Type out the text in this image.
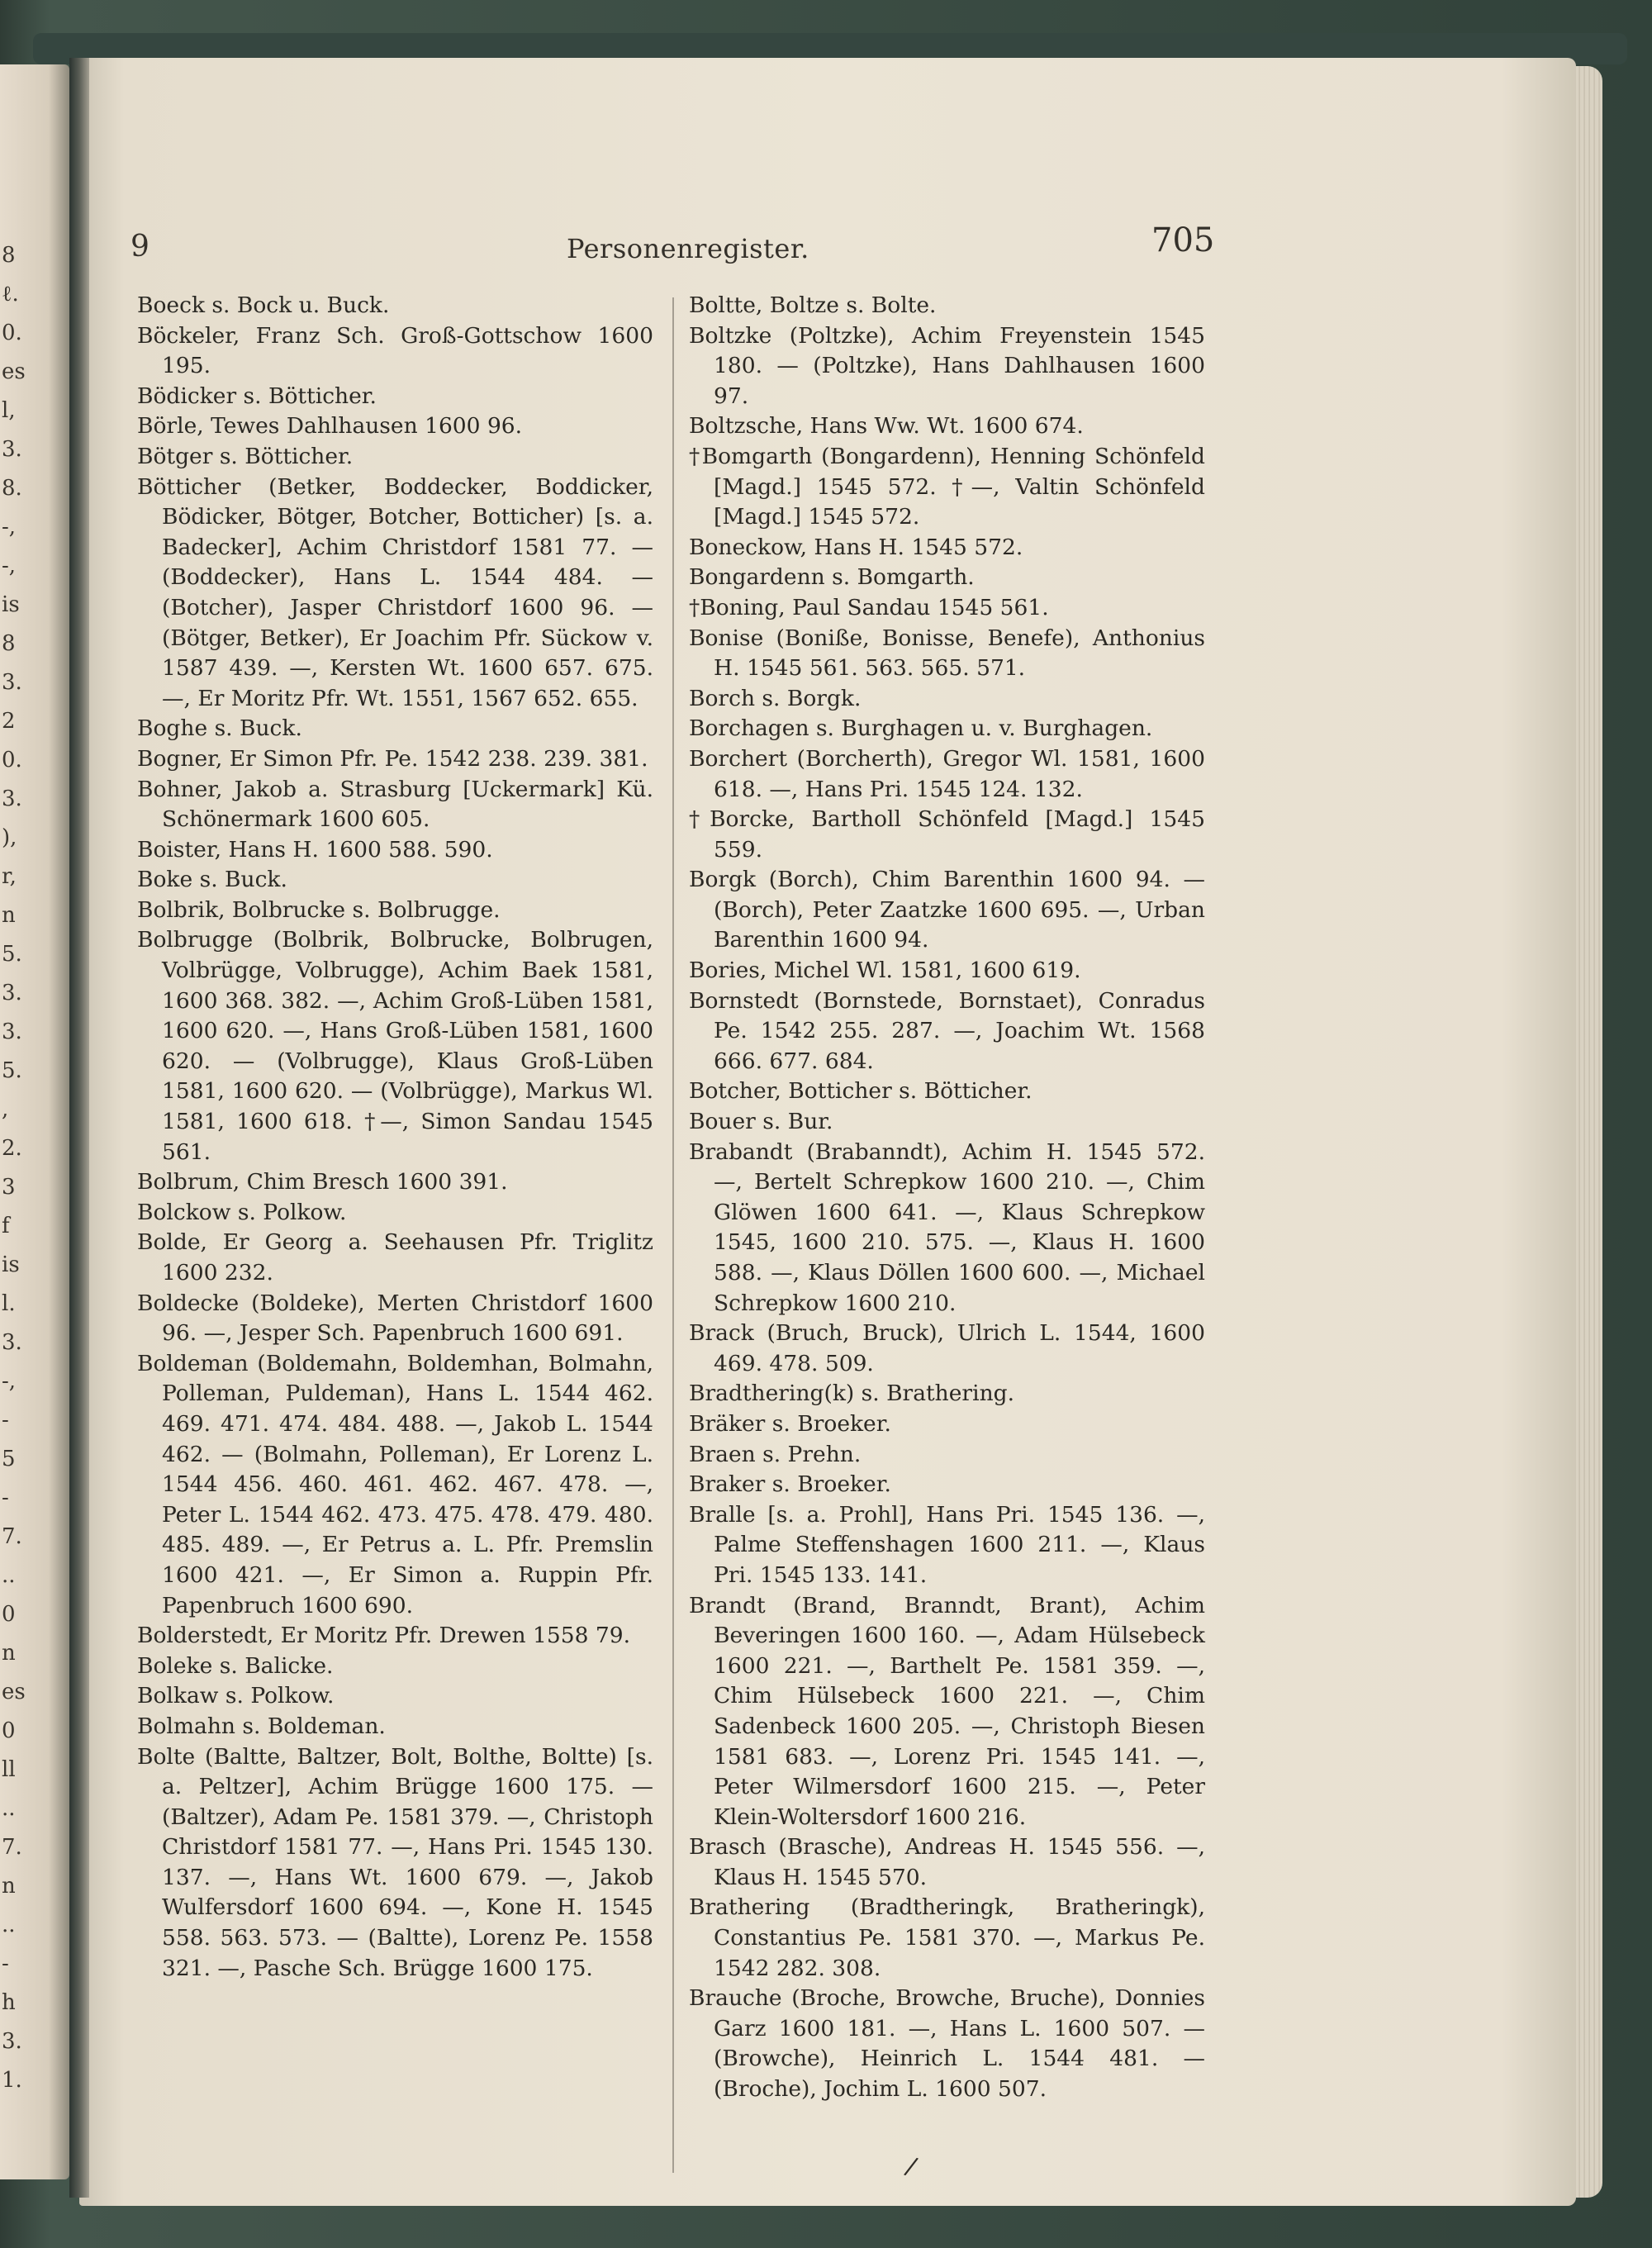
8
ℓ.
0.
es
l,
3.
8.
-,
-,
is
8
3.
2
0.
3.
),
r,
n
5.
3.
3.
5.
,
2.
3
f
is
l.
3.
-,
-
5
-
7.
..
0
n
es
0
ll
..
7.
n
..
-
h
3.
1.
9	Personenregister.	705

Boeck s. Bock u. Buck.

Böckeler, Franz Sch. Groß-Gottschow 1600 195.

Bödicker s. Bötticher.

Börle, Tewes Dahlhausen 1600 96.

Bötger s. Bötticher.

Bötticher (Betker, Boddecker, Boddicker, Bödicker, Bötger, Botcher, Botticher) [s. a. Badecker], Achim Christdorf 1581 77. — (Boddecker), Hans L. 1544 484. — (Botcher), Jasper Christdorf 1600 96. — (Bötger, Betker), Er Joachim Pfr. Sückow v. 1587 439. —, Kersten Wt. 1600 657. 675. —, Er Moritz Pfr. Wt. 1551, 1567 652. 655.

Boghe s. Buck.

Bogner, Er Simon Pfr. Pe. 1542 238. 239. 381.

Bohner, Jakob a. Strasburg [Uckermark] Kü. Schönermark 1600 605.

Boister, Hans H. 1600 588. 590.

Boke s. Buck.

Bolbrik, Bolbrucke s. Bolbrugge.

Bolbrugge (Bolbrik, Bolbrucke, Bolbrugen, Volbrügge, Volbrugge), Achim Baek 1581, 1600 368. 382. —, Achim Groß-Lüben 1581, 1600 620. —, Hans Groß-Lüben 1581, 1600 620. — (Volbrugge), Klaus Groß-Lüben 1581, 1600 620. — (Volbrügge), Markus Wl. 1581, 1600 618. †—, Simon Sandau 1545 561.

Bolbrum, Chim Bresch 1600 391.

Bolckow s. Polkow.

Bolde, Er Georg a. Seehausen Pfr. Triglitz 1600 232.

Boldecke (Boldeke), Merten Christdorf 1600 96. —, Jesper Sch. Papenbruch 1600 691.

Boldeman (Boldemahn, Boldemhan, Bolmahn, Polleman, Puldeman), Hans L. 1544 462. 469. 471. 474. 484. 488. —, Jakob L. 1544 462. — (Bolmahn, Polleman), Er Lorenz L. 1544 456. 460. 461. 462. 467. 478. —, Peter L. 1544 462. 473. 475. 478. 479. 480. 485. 489. —, Er Petrus a. L. Pfr. Premslin 1600 421. —, Er Simon a. Ruppin Pfr. Papenbruch 1600 690.

Bolderstedt, Er Moritz Pfr. Drewen 1558 79.

Boleke s. Balicke.

Bolkaw s. Polkow.

Bolmahn s. Boldeman.

Bolte (Baltte, Baltzer, Bolt, Bolthe, Boltte) [s. a. Peltzer], Achim Brügge 1600 175. — (Baltzer), Adam Pe. 1581 379. —, Christoph Christdorf 1581 77. —, Hans Pri. 1545 130. 137. —, Hans Wt. 1600 679. —, Jakob Wulfersdorf 1600 694. —, Kone H. 1545 558. 563. 573. — (Baltte), Lorenz Pe. 1558 321. —, Pasche Sch. Brügge 1600 175.

Boltte, Boltze s. Bolte.

Boltzke (Poltzke), Achim Freyenstein 1545 180. — (Poltzke), Hans Dahlhausen 1600 97.

Boltzsche, Hans Ww. Wt. 1600 674.

†Bomgarth (Bongardenn), Henning Schönfeld [Magd.] 1545 572. †—, Valtin Schönfeld [Magd.] 1545 572.

Boneckow, Hans H. 1545 572.

Bongardenn s. Bomgarth.

†Boning, Paul Sandau 1545 561.

Bonise (Bonißе, Bonisse, Benefe), Anthonius H. 1545 561. 563. 565. 571.

Borch s. Borgk.

Borchagen s. Burghagen u. v. Burghagen.

Borchert (Borcherth), Gregor Wl. 1581, 1600 618. —, Hans Pri. 1545 124. 132.

†Borcke, Bartholl Schönfeld [Magd.] 1545 559.

Borgk (Borch), Chim Barenthin 1600 94. — (Borch), Peter Zaatzke 1600 695. —, Urban Barenthin 1600 94.

Bories, Michel Wl. 1581, 1600 619.

Bornstedt (Bornstede, Bornstaet), Conradus Pe. 1542 255. 287. —, Joachim Wt. 1568 666. 677. 684.

Botcher, Botticher s. Bötticher.

Bouer s. Bur.

Brabandt (Brabanndt), Achim H. 1545 572. —, Bertelt Schrepkow 1600 210. —, Chim Glöwen 1600 641. —, Klaus Schrepkow 1545, 1600 210. 575. —, Klaus H. 1600 588. —, Klaus Döllen 1600 600. —, Michael Schrepkow 1600 210.

Brack (Bruch, Bruck), Ulrich L. 1544, 1600 469. 478. 509.

Bradthering(k) s. Brathering.

Bräker s. Broeker.

Braen s. Prehn.

Braker s. Broeker.

Bralle [s. a. Prohl], Hans Pri. 1545 136. —, Palme Steffenshagen 1600 211. —, Klaus Pri. 1545 133. 141.

Brandt (Brand, Branndt, Brant), Achim Beveringen 1600 160. —, Adam Hülsebeck 1600 221. —, Barthelt Pe. 1581 359. —, Chim Hülsebeck 1600 221. —, Chim Sadenbeck 1600 205. —, Christoph Biesen 1581 683. —, Lorenz Pri. 1545 141. —, Peter Wilmersdorf 1600 215. —, Peter Klein-Woltersdorf 1600 216.

Brasch (Brasche), Andreas H. 1545 556. —, Klaus H. 1545 570.

Brathering (Bradtheringk, Bratheringk), Constantius Pe. 1581 370. —, Markus Pe. 1542 282. 308.

Brauche (Broche, Browche, Bruche), Donnies Garz 1600 181. —, Hans L. 1600 507. — (Browche), Heinrich L. 1544 481. — (Broche), Jochim L. 1600 507.

/
